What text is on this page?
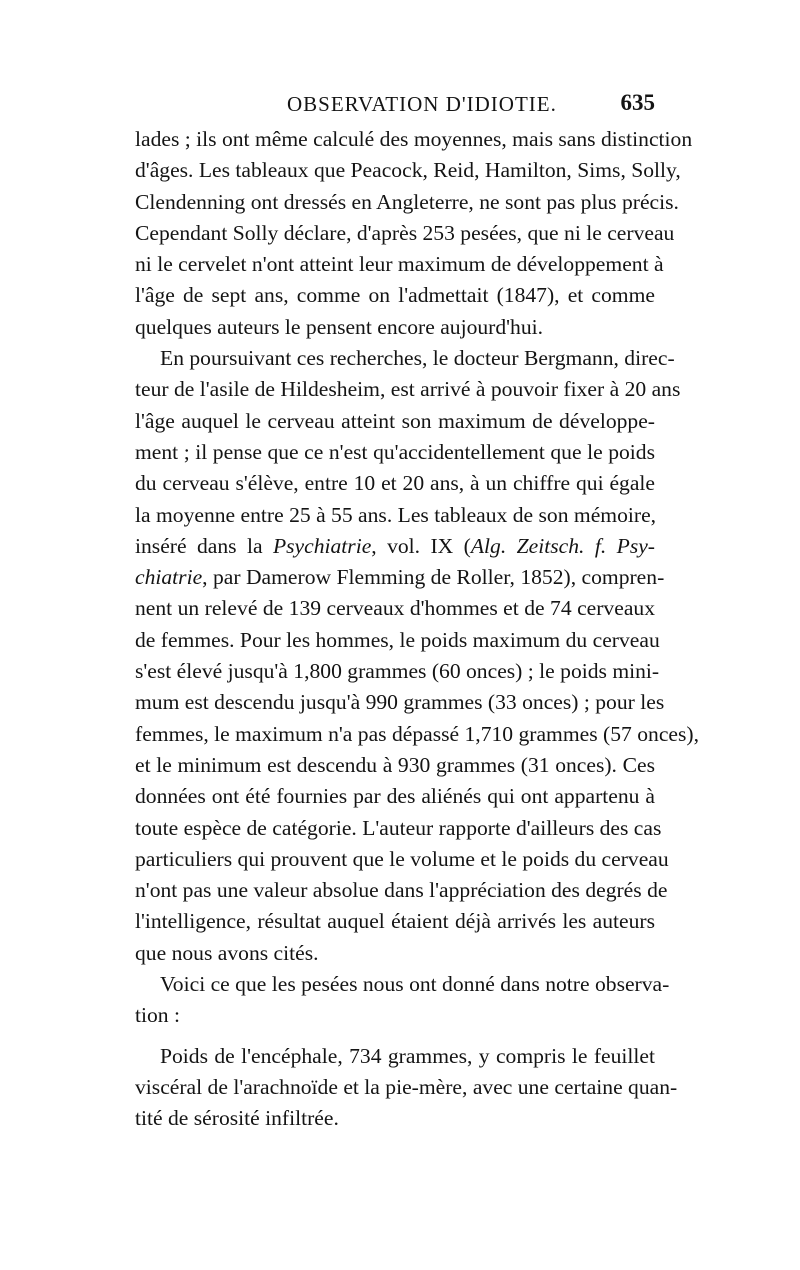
OBSERVATION D'IDIOTIE.	635
lades ; ils ont même calculé des moyennes, mais sans distinction
d'âges. Les tableaux que Peacock, Reid, Hamilton, Sims, Solly,
Clendenning ont dressés en Angleterre, ne sont pas plus précis.
Cependant Solly déclare, d'après 253 pesées, que ni le cerveau
ni le cervelet n'ont atteint leur maximum de développement à
l'âge de sept ans, comme on l'admettait (1847), et comme
quelques auteurs le pensent encore aujourd'hui.
En poursuivant ces recherches, le docteur Bergmann, direc-
teur de l'asile de Hildesheim, est arrivé à pouvoir fixer à 20 ans
l'âge auquel le cerveau atteint son maximum de développe-
ment ; il pense que ce n'est qu'accidentellement que le poids
du cerveau s'élève, entre 10 et 20 ans, à un chiffre qui égale
la moyenne entre 25 à 55 ans. Les tableaux de son mémoire,
inséré dans la Psychiatrie, vol. IX (Alg. Zeitsch. f. Psy-
chiatrie, par Damerow Flemming de Roller, 1852), compren-
nent un relevé de 139 cerveaux d'hommes et de 74 cerveaux
de femmes. Pour les hommes, le poids maximum du cerveau
s'est élevé jusqu'à 1,800 grammes (60 onces) ; le poids mini-
mum est descendu jusqu'à 990 grammes (33 onces) ; pour les
femmes, le maximum n'a pas dépassé 1,710 grammes (57 onces),
et le minimum est descendu à 930 grammes (31 onces). Ces
données ont été fournies par des aliénés qui ont appartenu à
toute espèce de catégorie. L'auteur rapporte d'ailleurs des cas
particuliers qui prouvent que le volume et le poids du cerveau
n'ont pas une valeur absolue dans l'appréciation des degrés de
l'intelligence, résultat auquel étaient déjà arrivés les auteurs
que nous avons cités.
Voici ce que les pesées nous ont donné dans notre observa-
tion :
Poids de l'encéphale, 734 grammes, y compris le feuillet
viscéral de l'arachnoïde et la pie-mère, avec une certaine quan-
tité de sérosité infiltrée.
